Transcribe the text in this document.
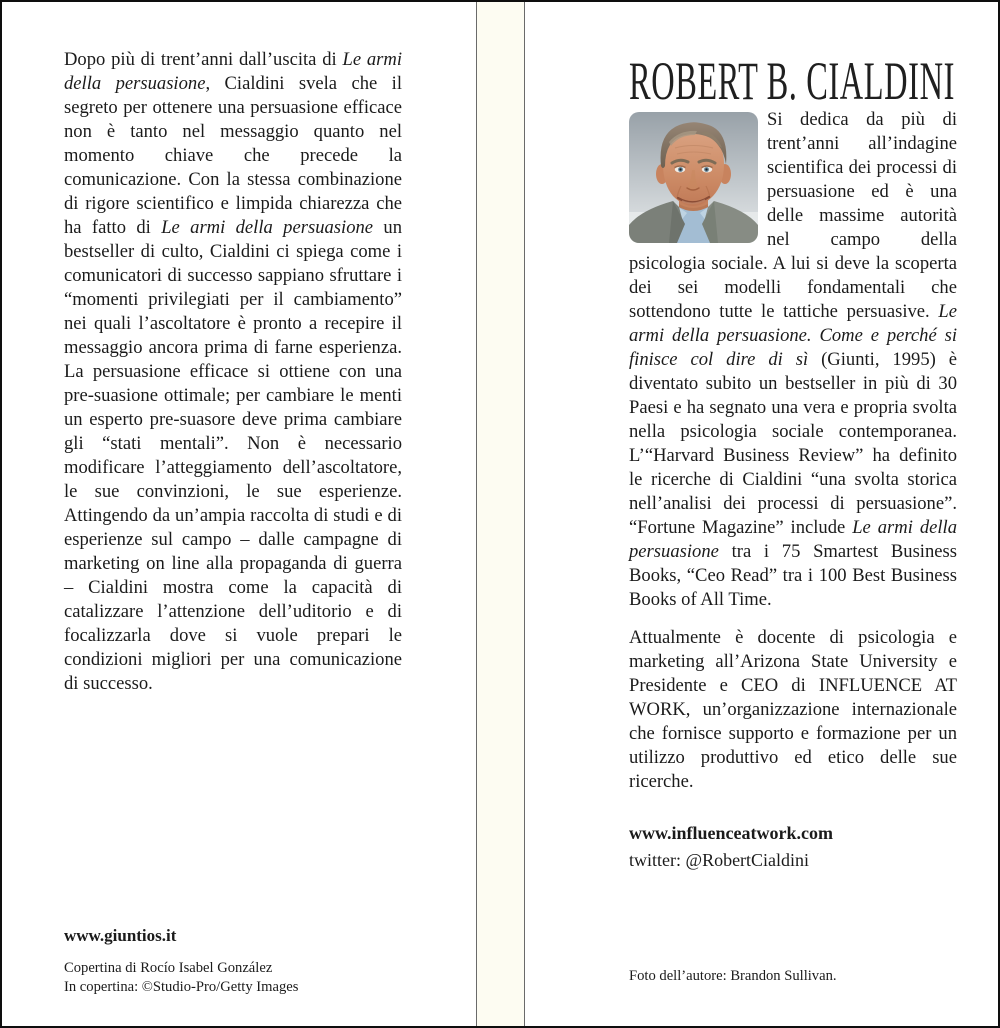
Dopo più di trent’anni dall’uscita di Le armi della persuasione, Cialdini svela che il segreto per ottenere una persuasione efficace non è tanto nel messaggio quanto nel momento chiave che precede la comunicazione. Con la stessa combinazione di rigore scientifico e limpida chiarezza che ha fatto di Le armi della persuasione un bestseller di culto, Cialdini ci spiega come i comunicatori di successo sappiano sfruttare i “momenti privilegiati per il cambiamento” nei quali l’ascoltatore è pronto a recepire il messaggio ancora prima di farne esperienza. La persuasione efficace si ottiene con una pre-suasione ottimale; per cambiare le menti un esperto pre-suasore deve prima cambiare gli “stati mentali”. Non è necessario modificare l’atteggiamento dell’ascoltatore, le sue convinzioni, le sue esperienze. Attingendo da un’ampia raccolta di studi e di esperienze sul campo – dalle campagne di marketing on line alla propaganda di guerra – Cialdini mostra come la capacità di catalizzare l’attenzione dell’uditorio e di focalizzarla dove si vuole prepari le condizioni migliori per una comunicazione di successo.

www.giuntios.it

Copertina di Rocío Isabel González

In copertina: ©Studio-Pro/Getty Images

ROBERT B. CIALDINI

Si dedica da più di trent’anni all’indagine scientifica dei processi di persuasione ed è una delle massime autorità nel campo della psicologia sociale. A lui si deve la scoperta dei sei modelli fondamentali che sottendono tutte le tattiche persuasive. Le armi della persuasione. Come e perché si finisce col dire di sì (Giunti, 1995) è diventato subito un bestseller in più di 30 Paesi e ha segnato una vera e propria svolta nella psicologia sociale contemporanea. L’“Harvard Business Review” ha definito le ricerche di Cialdini “una svolta storica nell’analisi dei processi di persuasione”. “Fortune Magazine” include Le armi della persuasione tra i 75 Smartest Business Books, “Ceo Read” tra i 100 Best Business Books of All Time.

Attualmente è docente di psicologia e marketing all’Arizona State University e Presidente e CEO di INFLUENCE AT WORK, un’organizzazione internazionale che fornisce supporto e formazione per un utilizzo produttivo ed etico delle sue ricerche.

www.influenceatwork.com

twitter: @RobertCialdini

Foto dell’autore: Brandon Sullivan.
